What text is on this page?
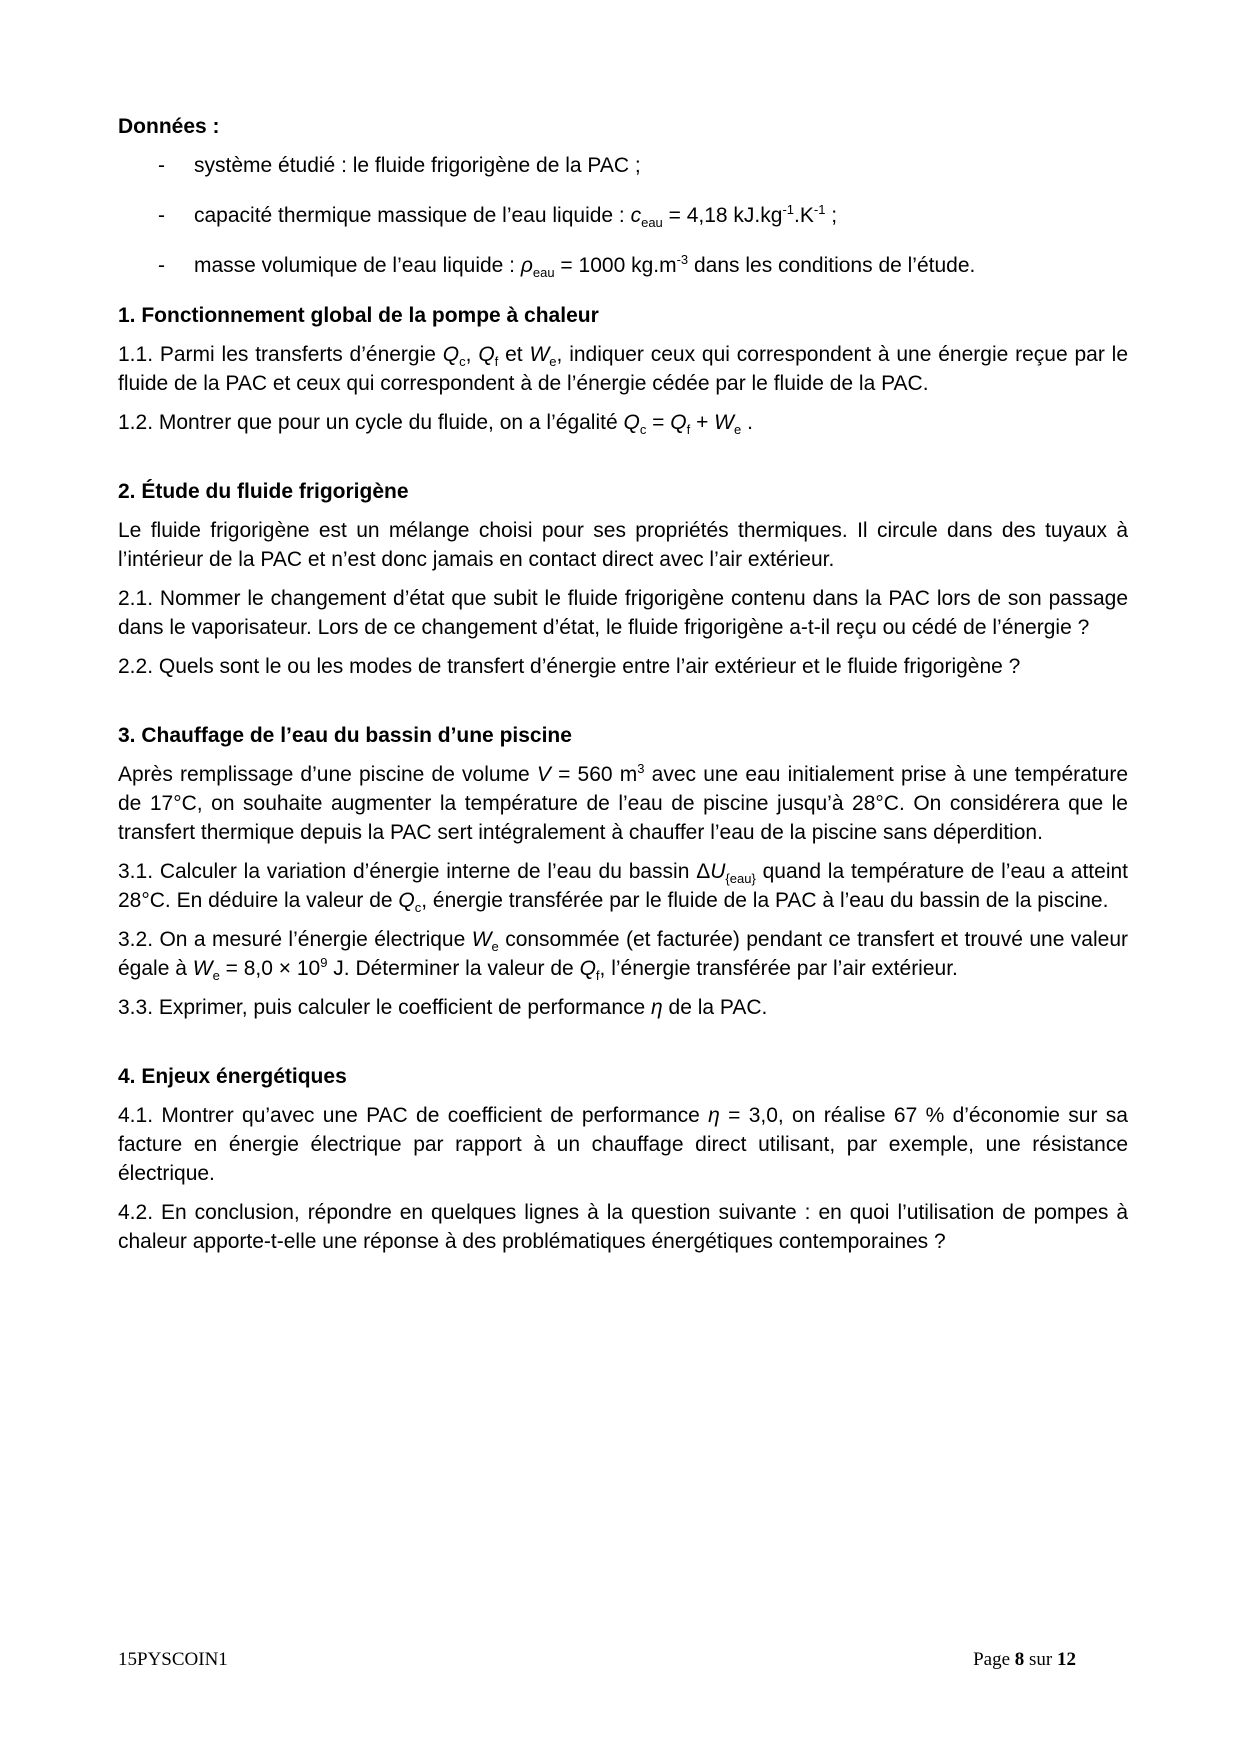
Données :
- système étudié : le fluide frigorigène de la PAC ;
- capacité thermique massique de l’eau liquide : $c_{eau} = 4,18$ $kJ.kg^{-1}.K^{-1}$ ;
- masse volumique de l’eau liquide : $\rho_{eau} = 1000$ $kg.m^{-3}$ dans les conditions de l’étude.
1. Fonctionnement global de la pompe à chaleur

1.1. Parmi les transferts d’énergie $Q_c$, $Q_f$ et $W_e$, indiquer ceux qui correspondent à une énergie reçue par le fluide de la PAC et ceux qui correspondent à de l’énergie cédée par le fluide de la PAC.

1.2. Montrer que pour un cycle du fluide, on a l’égalité $Q_c = Q_f + W_e$ .

2. Étude du fluide frigorigène

Le fluide frigorigène est un mélange choisi pour ses propriétés thermiques. Il circule dans des tuyaux à l’intérieur de la PAC et n’est donc jamais en contact direct avec l’air extérieur.

2.1. Nommer le changement d’état que subit le fluide frigorigène contenu dans la PAC lors de son passage dans le vaporisateur. Lors de ce changement d’état, le fluide frigorigène a-t-il reçu ou cédé de l’énergie ?

2.2. Quels sont le ou les modes de transfert d’énergie entre l’air extérieur et le fluide frigorigène ?

3. Chauffage de l’eau du bassin d’une piscine

Après remplissage d’une piscine de volume V = 560 $m^3$ avec une eau initialement prise à une température de 17°C, on souhaite augmenter la température de l’eau de piscine jusqu’à 28°C. On considérera que le transfert thermique depuis la PAC sert intégralement à chauffer l’eau de la piscine sans déperdition.

3.1. Calculer la variation d’énergie interne de l’eau du bassin $\Delta U_{\{eau\}}$ quand la température de l’eau a atteint 28°C. En déduire la valeur de $Q_c$, énergie transférée par le fluide de la PAC à l’eau du bassin de la piscine.

3.2. On a mesuré l’énergie électrique $W_e$ consommée (et facturée) pendant ce transfert et trouvé une valeur égale à $W_e = 8,0 \times 10^9$ J. Déterminer la valeur de $Q_f$, l’énergie transférée par l’air extérieur.

3.3. Exprimer, puis calculer le coefficient de performance η de la PAC.

4. Enjeux énergétiques

4.1. Montrer qu’avec une PAC de coefficient de performance η = 3,0, on réalise 67 % d’économie sur sa facture en énergie électrique par rapport à un chauffage direct utilisant, par exemple, une résistance électrique.

4.2. En conclusion, répondre en quelques lignes à la question suivante : en quoi l’utilisation de pompes à chaleur apporte-t-elle une réponse à des problématiques énergétiques contemporaines ?

15PYSCOIN1	Page 8 sur 12
